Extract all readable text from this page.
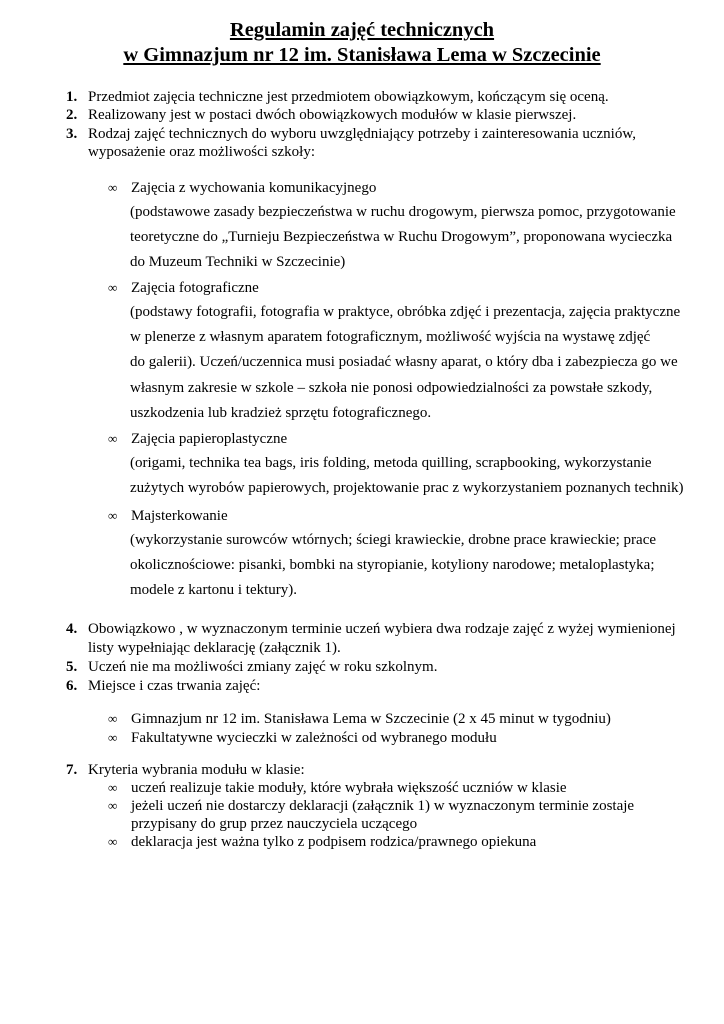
Regulamin zajęć technicznych
w Gimnazjum nr 12 im. Stanisława Lema w Szczecinie
1. Przedmiot zajęcia techniczne jest przedmiotem obowiązkowym, kończącym się oceną.
2. Realizowany jest w postaci dwóch obowiązkowych modułów w klasie pierwszej.
3. Rodzaj zajęć technicznych do wyboru uwzględniający potrzeby i zainteresowania uczniów,
wyposażenie oraz możliwości szkoły:
∞ Zajęcia z wychowania komunikacyjnego
(podstawowe zasady bezpieczeństwa w ruchu drogowym, pierwsza pomoc, przygotowanie
teoretyczne do „Turnieju Bezpieczeństwa w Ruchu Drogowym”, proponowana wycieczka
do Muzeum Techniki w Szczecinie)
∞ Zajęcia fotograficzne
(podstawy fotografii, fotografia w praktyce, obróbka zdjęć i prezentacja, zajęcia praktyczne
w plenerze z własnym aparatem fotograficznym, możliwość wyjścia na wystawę zdjęć
do galerii). Uczeń/uczennica musi posiadać własny aparat, o który dba i zabezpiecza go we
własnym zakresie w szkole – szkoła nie ponosi odpowiedzialności za powstałe szkody,
uszkodzenia lub kradzież sprzętu fotograficznego.
∞ Zajęcia papieroplastyczne
(origami, technika tea bags, iris folding, metoda quilling, scrapbooking, wykorzystanie
zużytych wyrobów papierowych, projektowanie prac z wykorzystaniem poznanych technik)
∞ Majsterkowanie
(wykorzystanie surowców wtórnych; ściegi krawieckie, drobne prace krawieckie; prace
okolicznościowe: pisanki, bombki na styropianie, kotyliony narodowe; metaloplastyka;
modele z kartonu i tektury).
4. Obowiązkowo , w wyznaczonym terminie uczeń wybiera dwa rodzaje zajęć z wyżej wymienionej
listy wypełniając deklarację (załącznik 1).
5. Uczeń nie ma możliwości zmiany zajęć w roku szkolnym.
6. Miejsce i czas trwania zajęć:
∞ Gimnazjum nr 12 im. Stanisława Lema w Szczecinie (2 x 45 minut w tygodniu)
∞ Fakultatywne wycieczki w zależności od wybranego modułu
7. Kryteria wybrania modułu w klasie:
∞ uczeń realizuje takie moduły, które wybrała większość uczniów w klasie
∞ jeżeli uczeń nie dostarczy deklaracji (załącznik 1) w wyznaczonym terminie zostaje
przypisany do grup przez nauczyciela uczącego
∞ deklaracja jest ważna tylko z podpisem rodzica/prawnego opiekuna
